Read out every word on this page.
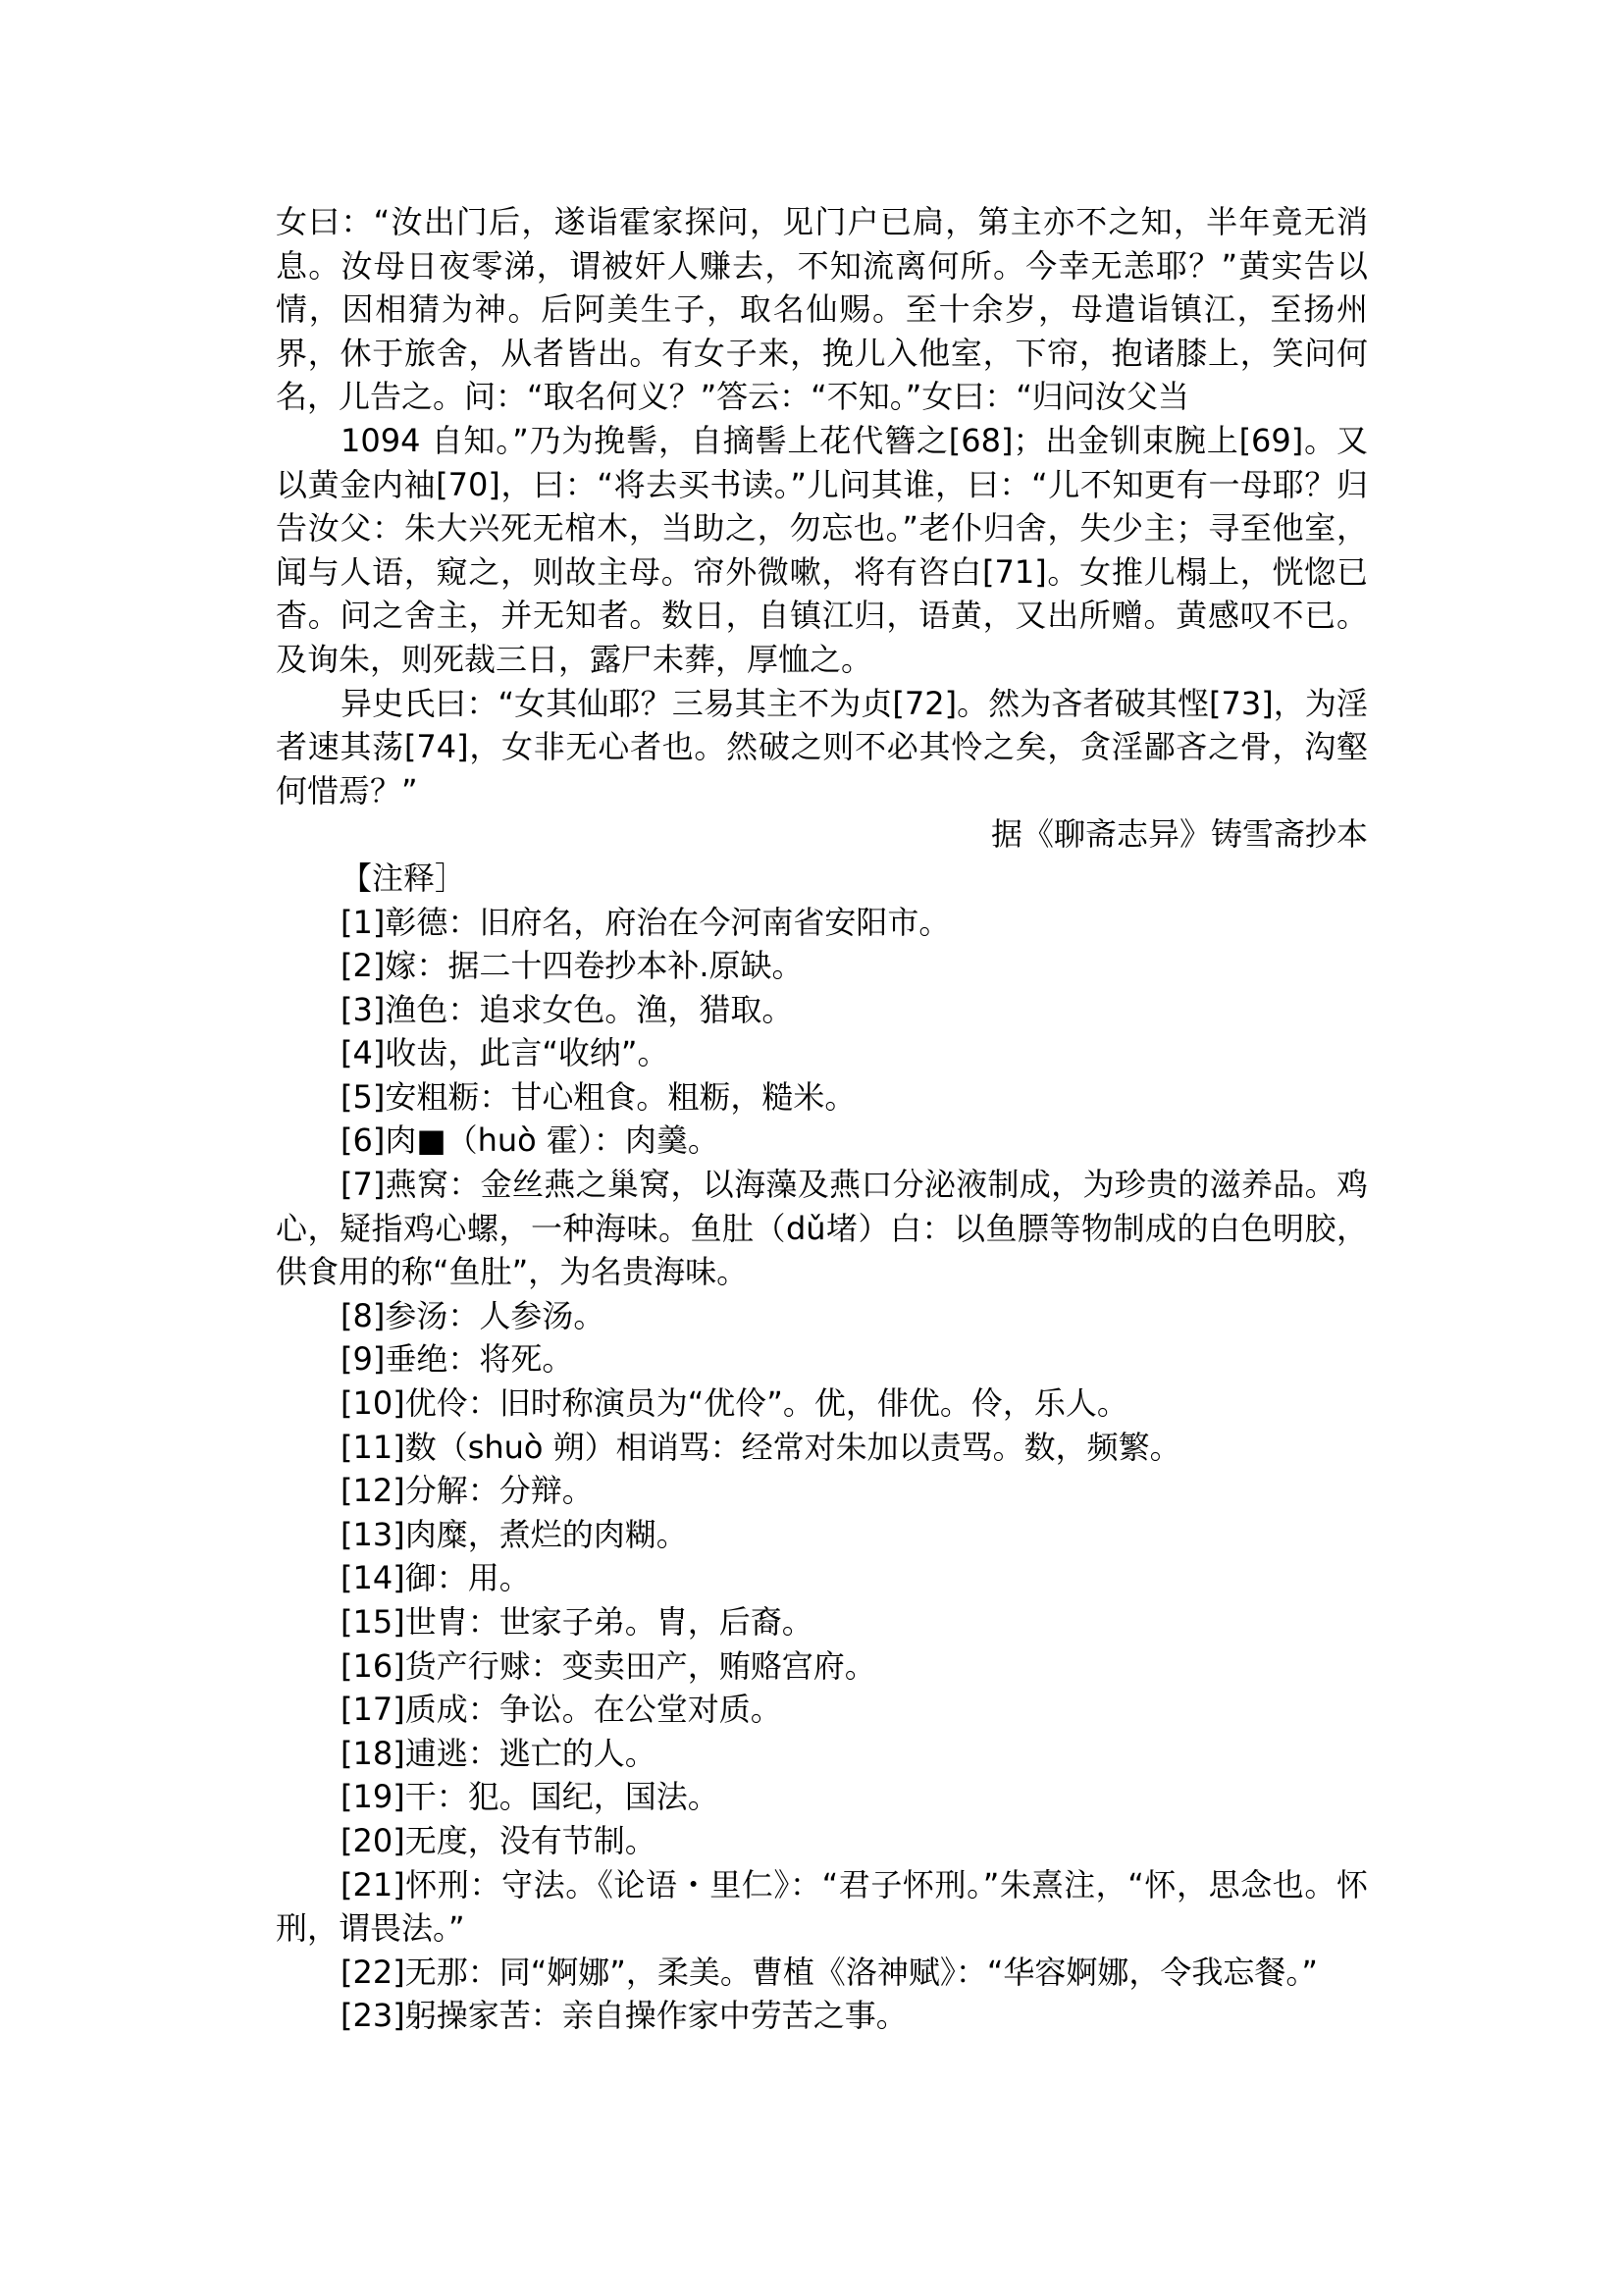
女曰：“汝出门后，遂诣霍家探问，见门户已扃，第主亦不之知，半年竟无消息。汝母日夜零涕，谓被奸人赚去，不知流离何所。今幸无恙耶？”黄实告以情，因相猜为神。后阿美生子，取名仙赐。至十余岁，母遣诣镇江，至扬州界，休于旅舍，从者皆出。有女子来，挽儿入他室，下帘，抱诸膝上，笑问何名，儿告之。问：“取名何义？”答云：“不知。”女曰：“归问汝父当

1094 自知。”乃为挽髻，自摘髻上花代簪之[68]；出金钏束腕上[69]。又以黄金内袖[70]，曰：“将去买书读。”儿问其谁，曰：“儿不知更有一母耶？归告汝父：朱大兴死无棺木，当助之，勿忘也。”老仆归舍，失少主；寻至他室，闻与人语，窥之，则故主母。帘外微嗽，将有咨白[71]。女推儿榻上，恍惚已杳。问之舍主，并无知者。数日，自镇江归，语黄，又出所赠。黄感叹不已。及询朱，则死裁三日，露尸未葬，厚恤之。

异史氏曰：“女其仙耶？三易其主不为贞[72]。然为吝者破其悭[73]，为淫者速其荡[74]，女非无心者也。然破之则不必其怜之矣，贪淫鄙吝之骨，沟壑何惜焉？”

据《聊斋志异》铸雪斋抄本

【注释］

[1]彰德：旧府名，府治在今河南省安阳市。

[2]嫁：据二十四卷抄本补.原缺。

[3]渔色：追求女色。渔，猎取。

[4]收齿，此言“收纳”。

[5]安粗粝：甘心粗食。粗粝，糙米。

[6]肉■（huò 霍）：肉羹。

[7]燕窝：金丝燕之巢窝，以海藻及燕口分泌液制成，为珍贵的滋养品。鸡心，疑指鸡心螺，一种海味。鱼肚（dǔ堵）白：以鱼膘等物制成的白色明胶，供食用的称“鱼肚”，为名贵海味。

[8]参汤：人参汤。

[9]垂绝：将死。

[10]优伶：旧时称演员为“优伶”。优，俳优。伶，乐人。

[11]数（shuò 朔）相诮骂：经常对朱加以责骂。数，频繁。

[12]分解：分辩。

[13]肉糜，煮烂的肉糊。

[14]御：用。

[15]世胄：世家子弟。胄，后裔。

[16]货产行赇：变卖田产，贿赂宫府。

[17]质成：争讼。在公堂对质。

[18]逋逃：逃亡的人。

[19]干：犯。国纪，国法。

[20]无度，没有节制。

[21]怀刑：守法。《论语・里仁》：“君子怀刑。”朱熹注，“怀，思念也。怀刑，谓畏法。”

[22]无那：同“婀娜”，柔美。曹植《洛神赋》：“华容婀娜，令我忘餐。”

[23]躬操家苦：亲自操作家中劳苦之事。
